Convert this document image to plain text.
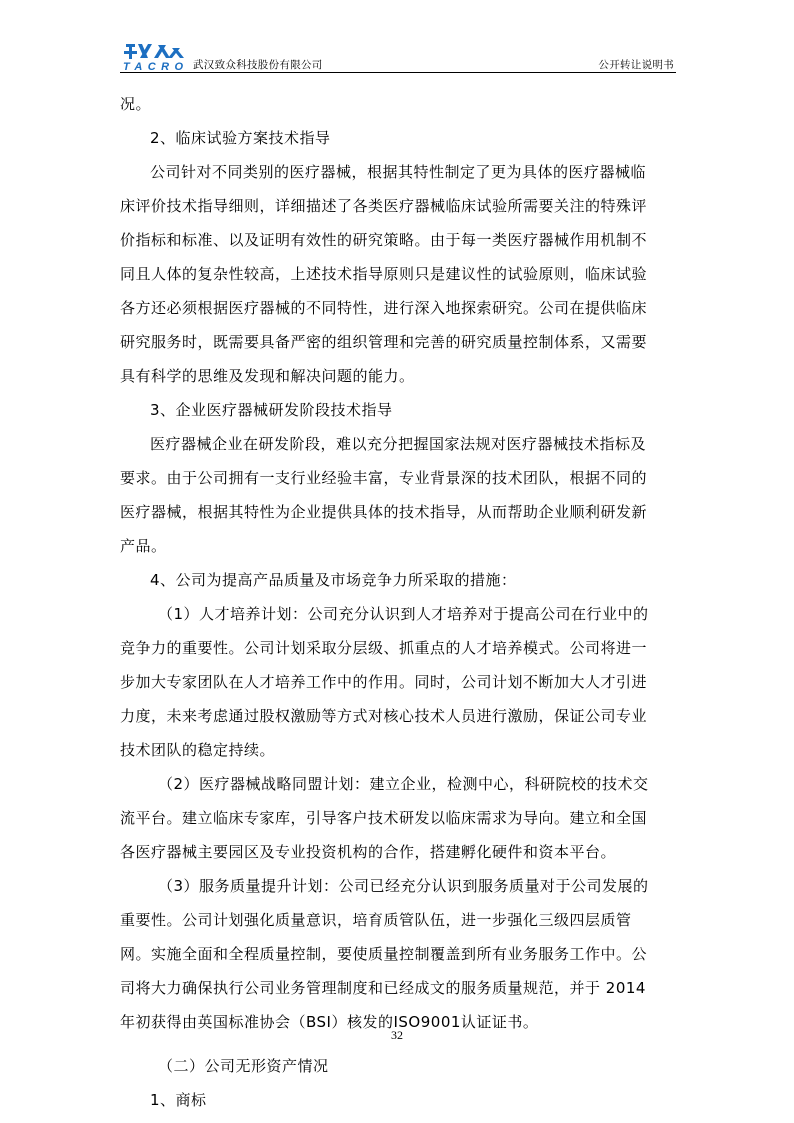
TACRO 武汉致众科技股份有限公司	公开转让说明书

况。

2、临床试验方案技术指导

公司针对不同类别的医疗器械，根据其特性制定了更为具体的医疗器械临

床评价技术指导细则，详细描述了各类医疗器械临床试验所需要关注的特殊评

价指标和标准、以及证明有效性的研究策略。由于每一类医疗器械作用机制不

同且人体的复杂性较高，上述技术指导原则只是建议性的试验原则，临床试验

各方还必须根据医疗器械的不同特性，进行深入地探索研究。公司在提供临床

研究服务时，既需要具备严密的组织管理和完善的研究质量控制体系，又需要

具有科学的思维及发现和解决问题的能力。

3、企业医疗器械研发阶段技术指导

医疗器械企业在研发阶段，难以充分把握国家法规对医疗器械技术指标及

要求。由于公司拥有一支行业经验丰富，专业背景深的技术团队，根据不同的

医疗器械，根据其特性为企业提供具体的技术指导，从而帮助企业顺利研发新

产品。

4、公司为提高产品质量及市场竞争力所采取的措施：

（1）人才培养计划：公司充分认识到人才培养对于提高公司在行业中的

竞争力的重要性。公司计划采取分层级、抓重点的人才培养模式。公司将进一

步加大专家团队在人才培养工作中的作用。同时，公司计划不断加大人才引进

力度，未来考虑通过股权激励等方式对核心技术人员进行激励，保证公司专业

技术团队的稳定持续。

（2）医疗器械战略同盟计划：建立企业，检测中心，科研院校的技术交

流平台。建立临床专家库，引导客户技术研发以临床需求为导向。建立和全国

各医疗器械主要园区及专业投资机构的合作，搭建孵化硬件和资本平台。

（3）服务质量提升计划：公司已经充分认识到服务质量对于公司发展的

重要性。公司计划强化质量意识，培育质管队伍，进一步强化三级四层质管

网。实施全面和全程质量控制，要使质量控制覆盖到所有业务服务工作中。公

司将大力确保执行公司业务管理制度和已经成文的服务质量规范，并于 2014

年初获得由英国标准协会（BSI）核发的ISO9001认证证书。

（二）公司无形资产情况

1、商标

32
